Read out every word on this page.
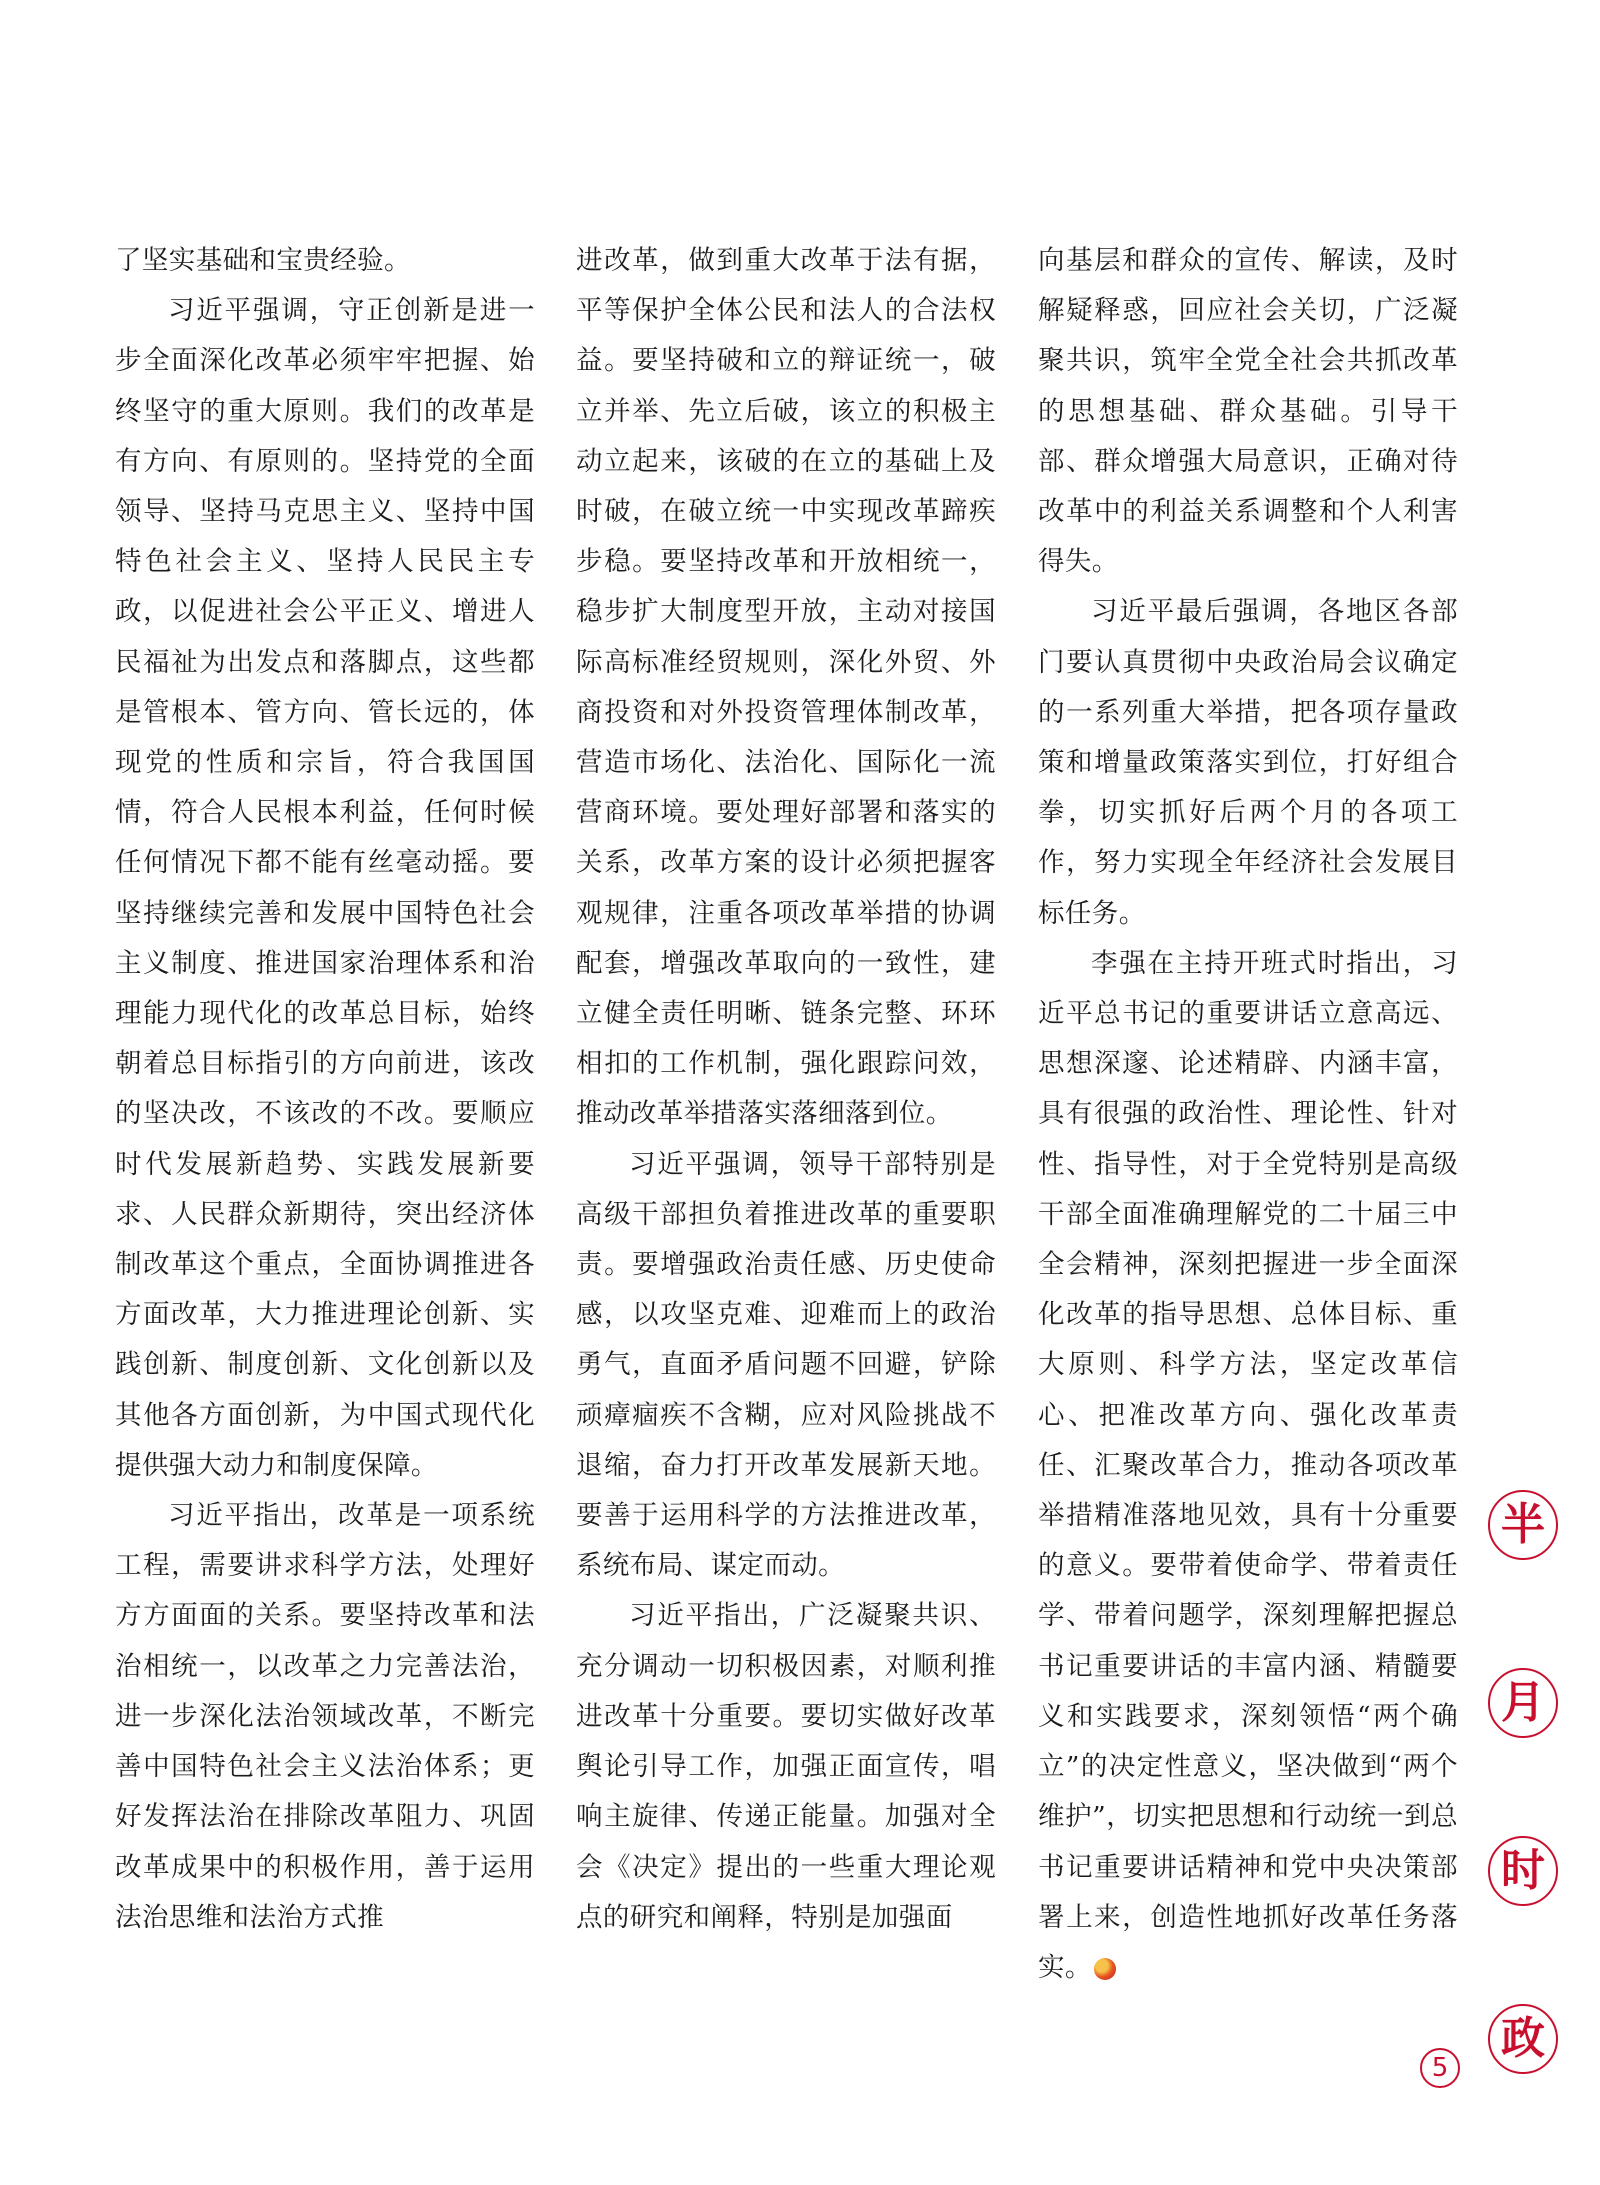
了坚实基础和宝贵经验。

习近平强调，守正创新是进一步全面深化改革必须牢牢把握、始终坚守的重大原则。我们的改革是有方向、有原则的。坚持党的全面领导、坚持马克思主义、坚持中国特色社会主义、坚持人民民主专政，以促进社会公平正义、增进人民福祉为出发点和落脚点，这些都是管根本、管方向、管长远的，体现党的性质和宗旨，符合我国国情，符合人民根本利益，任何时候任何情况下都不能有丝毫动摇。要坚持继续完善和发展中国特色社会主义制度、推进国家治理体系和治理能力现代化的改革总目标，始终朝着总目标指引的方向前进，该改的坚决改，不该改的不改。要顺应时代发展新趋势、实践发展新要求、人民群众新期待，突出经济体制改革这个重点，全面协调推进各方面改革，大力推进理论创新、实践创新、制度创新、文化创新以及其他各方面创新，为中国式现代化提供强大动力和制度保障。

习近平指出，改革是一项系统工程，需要讲求科学方法，处理好方方面面的关系。要坚持改革和法治相统一，以改革之力完善法治，进一步深化法治领域改革，不断完善中国特色社会主义法治体系；更好发挥法治在排除改革阻力、巩固改革成果中的积极作用，善于运用法治思维和法治方式推

进改革，做到重大改革于法有据，平等保护全体公民和法人的合法权益。要坚持破和立的辩证统一，破立并举、先立后破，该立的积极主动立起来，该破的在立的基础上及时破，在破立统一中实现改革蹄疾步稳。要坚持改革和开放相统一，稳步扩大制度型开放，主动对接国际高标准经贸规则，深化外贸、外商投资和对外投资管理体制改革，营造市场化、法治化、国际化一流营商环境。要处理好部署和落实的关系，改革方案的设计必须把握客观规律，注重各项改革举措的协调配套，增强改革取向的一致性，建立健全责任明晰、链条完整、环环相扣的工作机制，强化跟踪问效，推动改革举措落实落细落到位。

习近平强调，领导干部特别是高级干部担负着推进改革的重要职责。要增强政治责任感、历史使命感，以攻坚克难、迎难而上的政治勇气，直面矛盾问题不回避，铲除顽瘴痼疾不含糊，应对风险挑战不退缩，奋力打开改革发展新天地。要善于运用科学的方法推进改革，系统布局、谋定而动。

习近平指出，广泛凝聚共识、充分调动一切积极因素，对顺利推进改革十分重要。要切实做好改革舆论引导工作，加强正面宣传，唱响主旋律、传递正能量。加强对全会《决定》提出的一些重大理论观点的研究和阐释，特别是加强面

向基层和群众的宣传、解读，及时解疑释惑，回应社会关切，广泛凝聚共识，筑牢全党全社会共抓改革的思想基础、群众基础。引导干部、群众增强大局意识，正确对待改革中的利益关系调整和个人利害得失。

习近平最后强调，各地区各部门要认真贯彻中央政治局会议确定的一系列重大举措，把各项存量政策和增量政策落实到位，打好组合拳，切实抓好后两个月的各项工作，努力实现全年经济社会发展目标任务。

李强在主持开班式时指出，习近平总书记的重要讲话立意高远、思想深邃、论述精辟、内涵丰富，具有很强的政治性、理论性、针对性、指导性，对于全党特别是高级干部全面准确理解党的二十届三中全会精神，深刻把握进一步全面深化改革的指导思想、总体目标、重大原则、科学方法，坚定改革信心、把准改革方向、强化改革责任、汇聚改革合力，推动各项改革举措精准落地见效，具有十分重要的意义。要带着使命学、带着责任学、带着问题学，深刻理解把握总书记重要讲话的丰富内涵、精髓要义和实践要求，深刻领悟“两个确立”的决定性意义，坚决做到“两个维护”，切实把思想和行动统一到总书记重要讲话精神和党中央决策部署上来，创造性地抓好改革任务落实。

半
月
时
政
5
